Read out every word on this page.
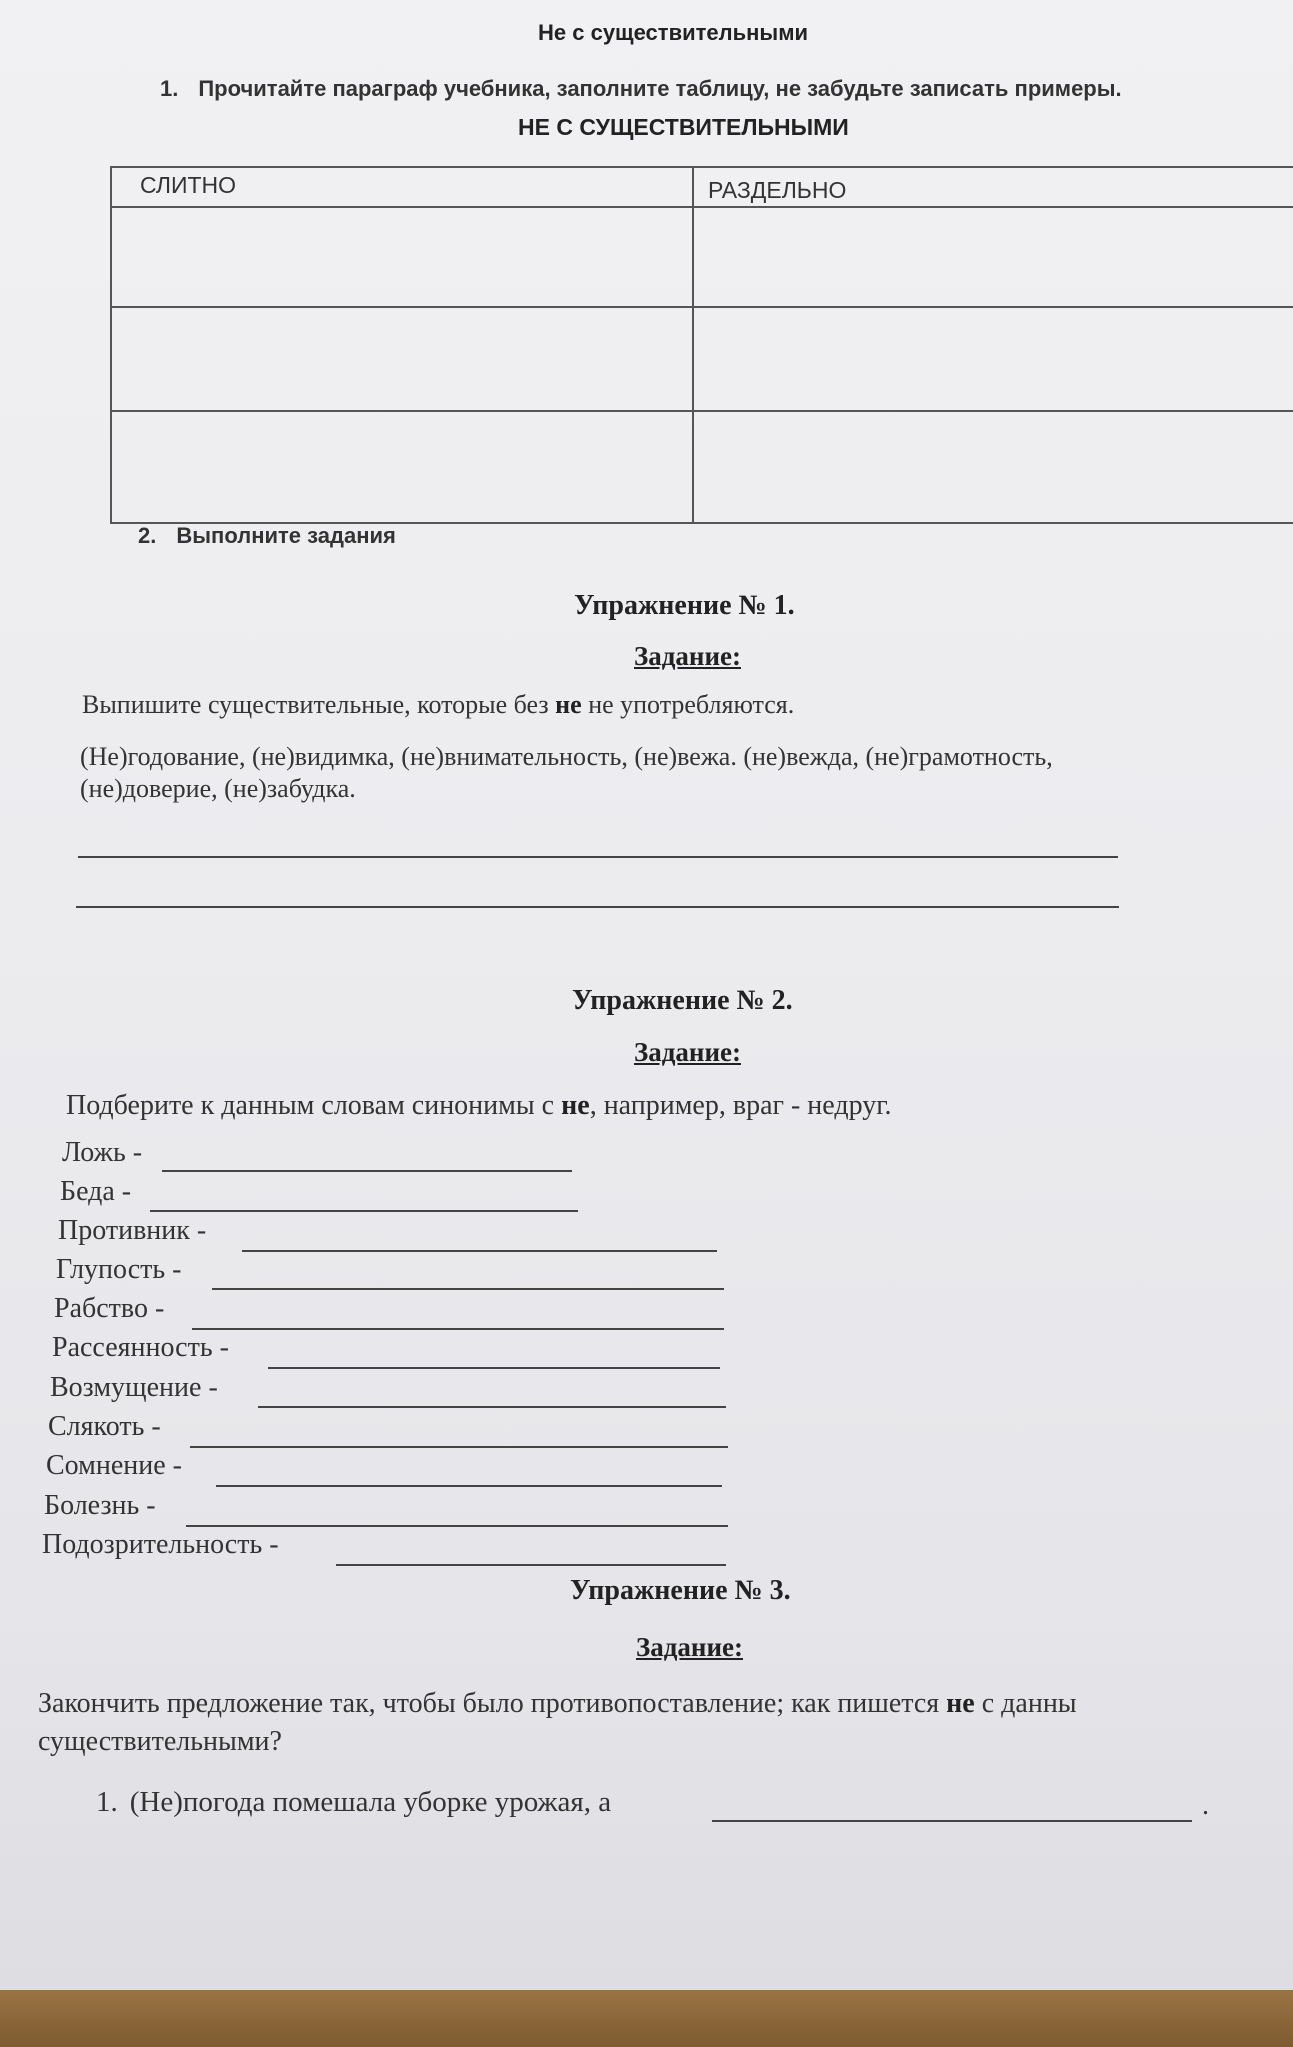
Не с существительными
1. Прочитайте параграф учебника, заполните таблицу, не забудьте записать примеры.
НЕ С СУЩЕСТВИТЕЛЬНЫМИ
СЛИТНО	РАЗДЕЛЬНО
2. Выполните задания
Упражнение № 1.
Задание:
Выпишите существительные, которые без не не употребляются.
(Не)годование, (не)видимка, (не)внимательность, (не)вежа. (не)вежда, (не)грамотность,
(не)доверие, (не)забудка.
Упражнение № 2.
Задание:
Подберите к данным словам синонимы с не, например, враг - недруг.
Ложь -
Беда -
Противник -
Глупость -
Рабство -
Рассеянность -
Возмущение -
Слякоть -
Сомнение -
Болезнь -
Подозрительность -
Упражнение № 3.
Задание:
Закончить предложение так, чтобы было противопоставление; как пишется не с данны
существительными?
1. (Не)погода помешала уборке урожая, а	.
